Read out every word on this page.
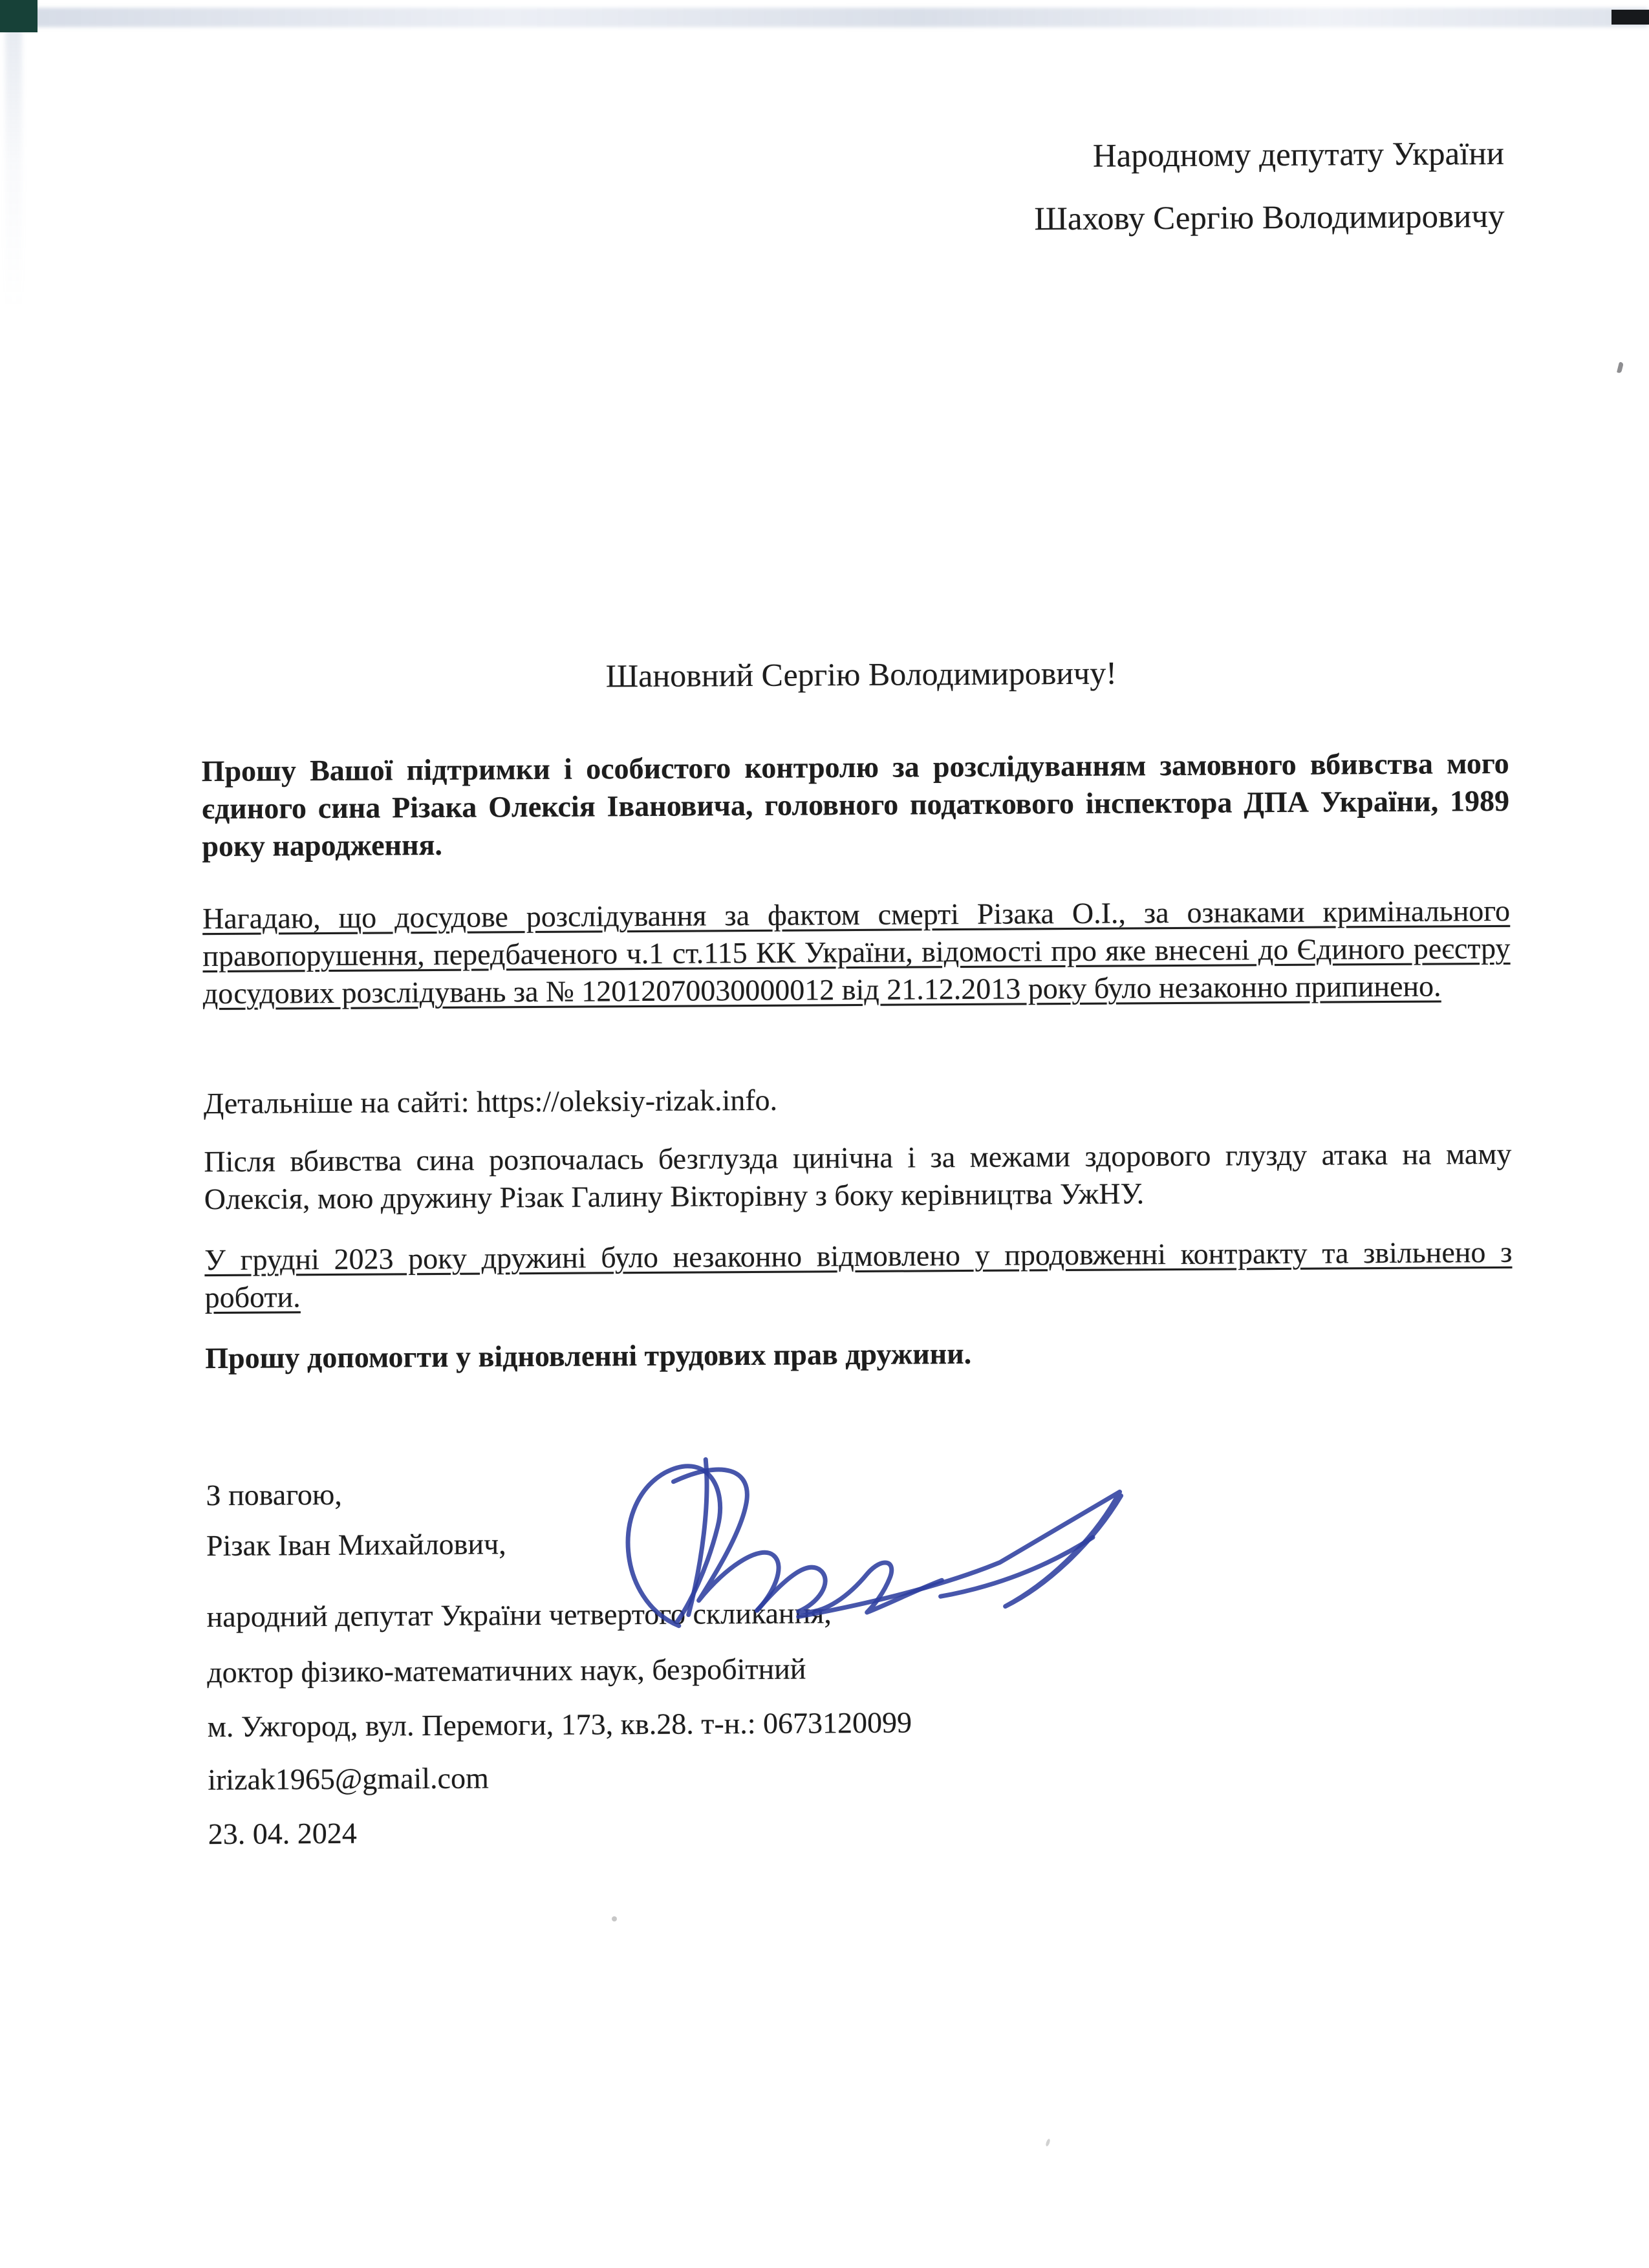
Народному депутату України
Шахову Сергію Володимировичу
Шановний Сергію Володимировичу!

Прошу Вашої підтримки і особистого контролю за розслідуванням замовного вбивства мого єдиного сина Різака Олексія Івановича, головного податкового інспектора ДПА України, 1989 року народження.

Нагадаю, що досудове розслідування за фактом смерті Різака О.І., за ознаками кримінального правопорушення, передбаченого ч.1 ст.115 КК України, відомості про яке внесені до Єдиного реєстру досудових розслідувань за № 12012070030000012 від 21.12.2013 року було незаконно припинено.

Детальніше на сайті: https://oleksiy-rizak.info.

Після вбивства сина розпочалась безглузда цинічна і за межами здорового глузду атака на маму Олексія, мою дружину Різак Галину Вікторівну з боку керівництва УжНУ.

У грудні 2023 року дружині було незаконно відмовлено у продовженні контракту та звільнено з роботи.

Прошу допомогти у відновленні трудових прав дружини.

З повагою,
Різак Іван Михайлович,
народний депутат України четвертого скликання,
доктор фізико-математичних наук, безробітний
м. Ужгород, вул. Перемоги, 173, кв.28. т-н.: 0673120099
irizak1965@gmail.com
23. 04. 2024
